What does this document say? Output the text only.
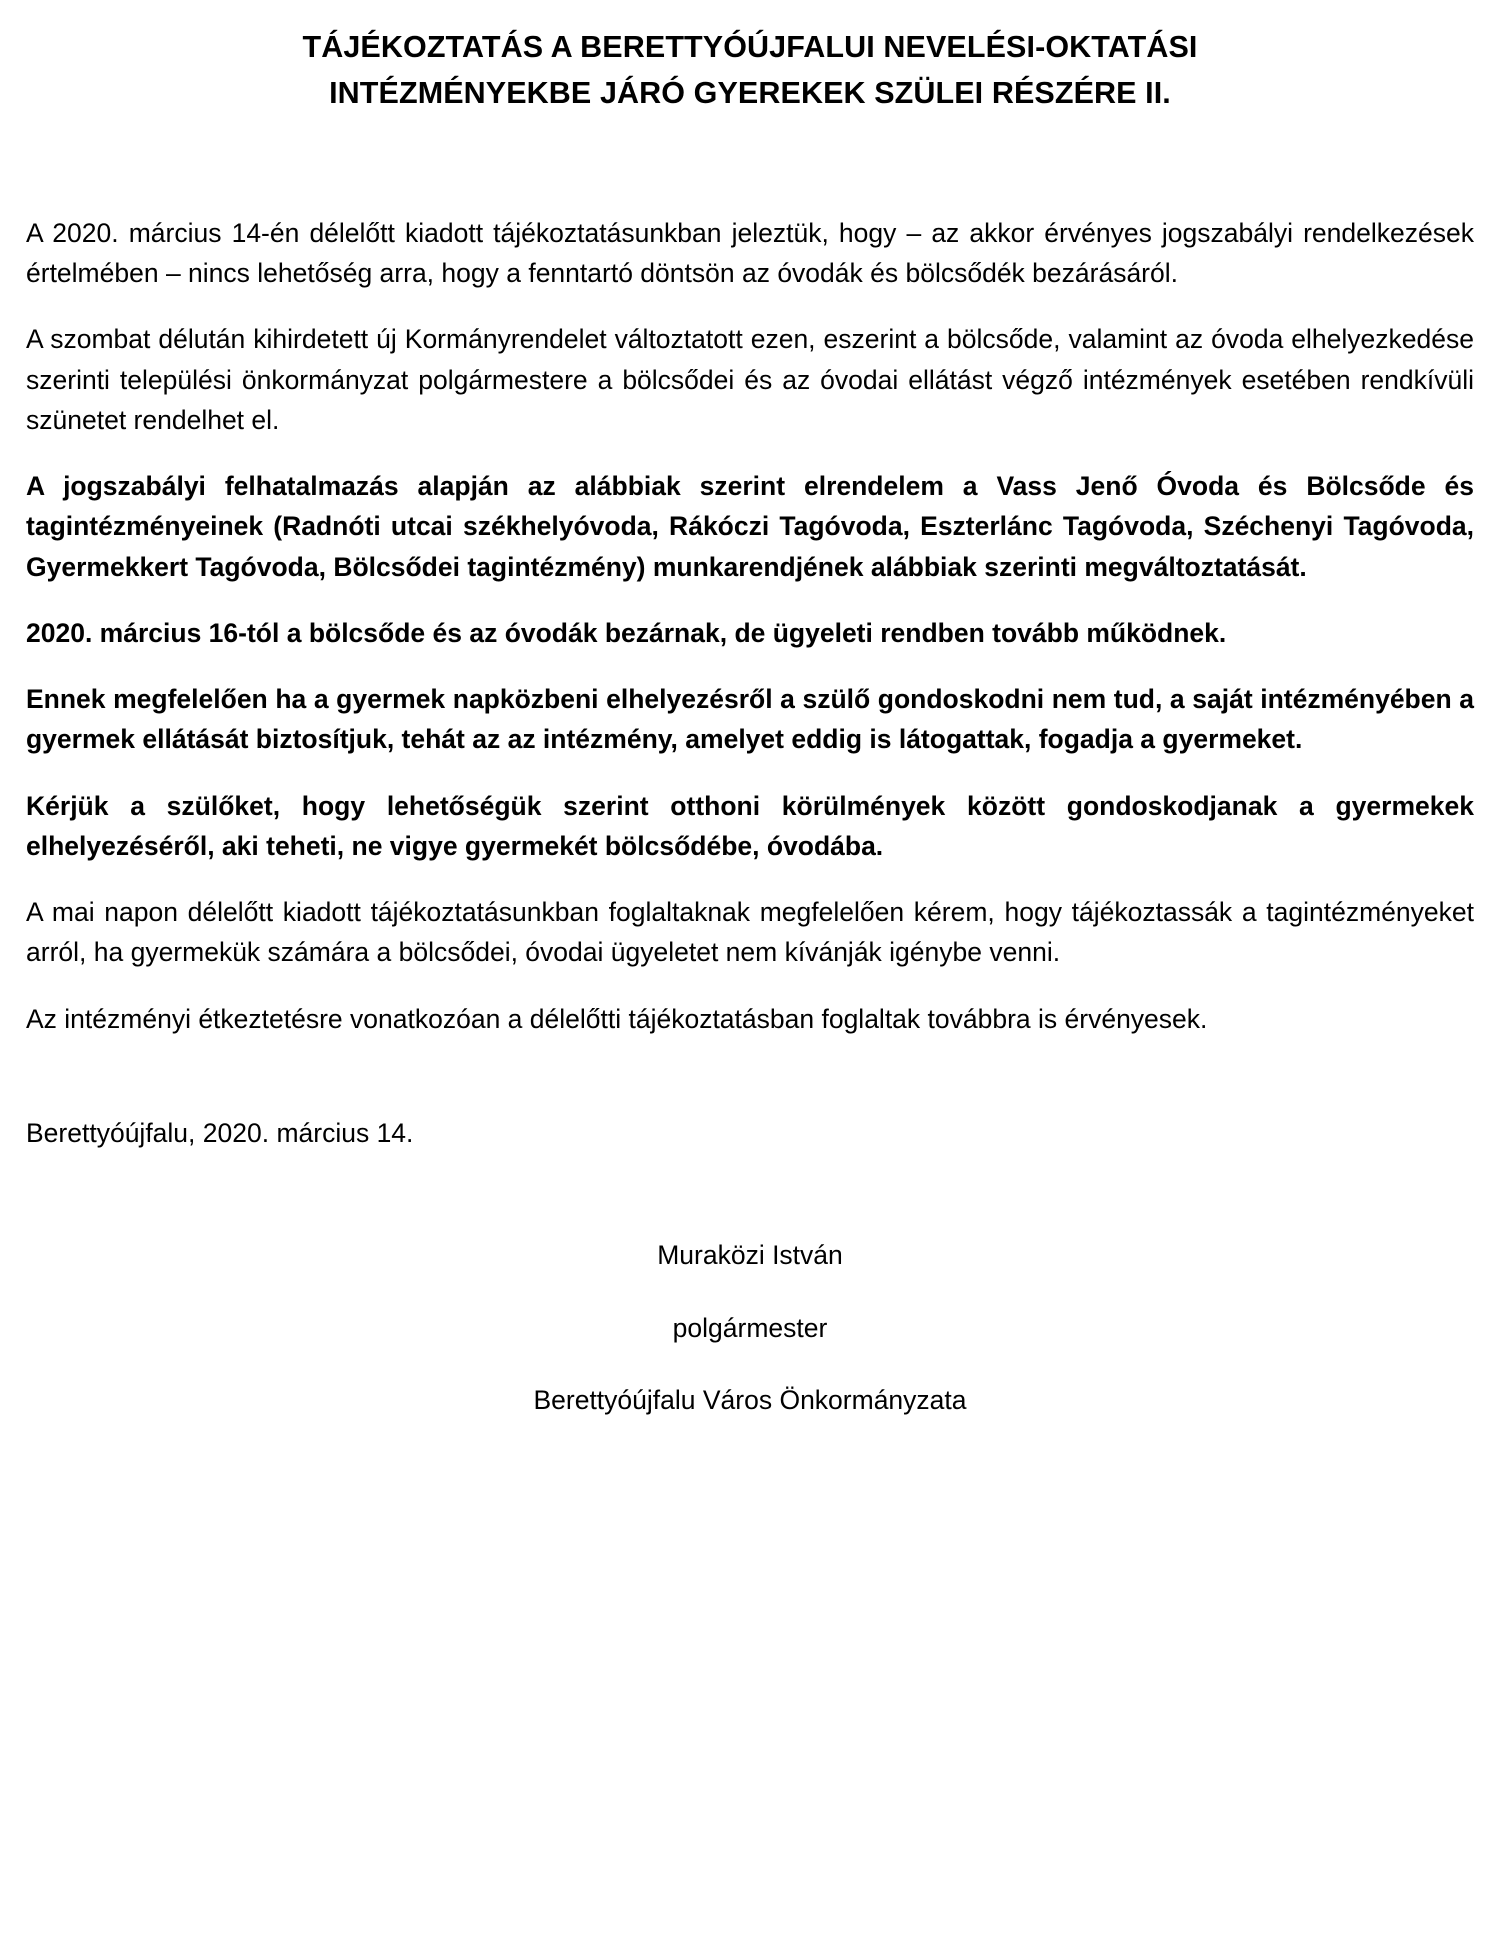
TÁJÉKOZTATÁS A BERETTYÓÚJFALUI NEVELÉSI-OKTATÁSI
INTÉZMÉNYEKBE JÁRÓ GYEREKEK SZÜLEI RÉSZÉRE II.

A 2020. március 14-én délelőtt kiadott tájékoztatásunkban jeleztük, hogy – az akkor érvényes jogszabályi rendelkezések értelmében – nincs lehetőség arra, hogy a fenntartó döntsön az óvodák és bölcsődék bezárásáról.

A szombat délután kihirdetett új Kormányrendelet változtatott ezen, eszerint a bölcsőde, valamint az óvoda elhelyezkedése szerinti települési önkormányzat polgármestere a bölcsődei és az óvodai ellátást végző intézmények esetében rendkívüli szünetet rendelhet el.

A jogszabályi felhatalmazás alapján az alábbiak szerint elrendelem a Vass Jenő Óvoda és Bölcsőde és tagintézményeinek (Radnóti utcai székhelyóvoda, Rákóczi Tagóvoda, Eszterlánc Tagóvoda, Széchenyi Tagóvoda, Gyermekkert Tagóvoda, Bölcsődei tagintézmény) munkarendjének alábbiak szerinti megváltoztatását.

2020. március 16-tól a bölcsőde és az óvodák bezárnak, de ügyeleti rendben tovább működnek.

Ennek megfelelően ha a gyermek napközbeni elhelyezésről a szülő gondoskodni nem tud, a saját intézményében a gyermek ellátását biztosítjuk, tehát az az intézmény, amelyet eddig is látogattak, fogadja a gyermeket.

Kérjük a szülőket, hogy lehetőségük szerint otthoni körülmények között gondoskodjanak a gyermekek elhelyezéséről, aki teheti, ne vigye gyermekét bölcsődébe, óvodába.

A mai napon délelőtt kiadott tájékoztatásunkban foglaltaknak megfelelően kérem, hogy tájékoztassák a tagintézményeket arról, ha gyermekük számára a bölcsődei, óvodai ügyeletet nem kívánják igénybe venni.

Az intézményi étkeztetésre vonatkozóan a délelőtti tájékoztatásban foglaltak továbbra is érvényesek.

Berettyóújfalu, 2020. március 14.

Muraközi István

polgármester

Berettyóújfalu Város Önkormányzata
